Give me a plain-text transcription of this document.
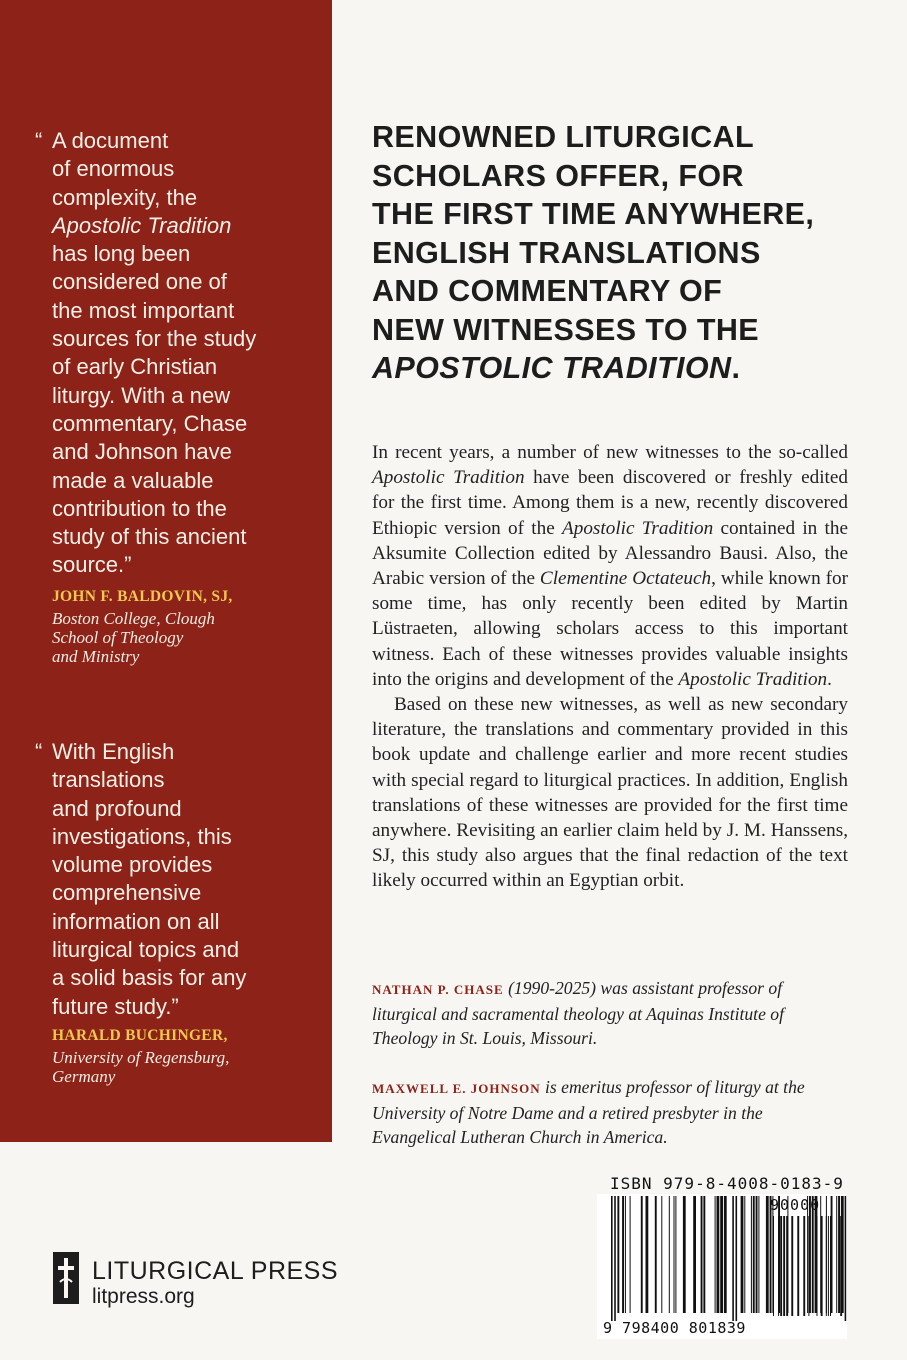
“ A document
of enormous
complexity, the
Apostolic Tradition
has long been
considered one of
the most important
sources for the study
of early Christian
liturgy. With a new
commentary, Chase
and Johnson have
made a valuable
contribution to the
study of this ancient
source.”
JOHN F. BALDOVIN, SJ,
Boston College, Clough
School of Theology
and Ministry
“ With English
translations
and profound
investigations, this
volume provides
comprehensive
information on all
liturgical topics and
a solid basis for any
future study.”
HARALD BUCHINGER,
University of Regensburg,
Germany
RENOWNED LITURGICAL
SCHOLARS OFFER, FOR
THE FIRST TIME ANYWHERE,
ENGLISH TRANSLATIONS
AND COMMENTARY OF
NEW WITNESSES TO THE
APOSTOLIC TRADITION.

In recent years, a number of new witnesses to the so-called Apostolic Tradition have been discovered or freshly edited for the first time. Among them is a new, recently discovered Ethiopic version of the Apostolic Tradition contained in the Aksumite Collection edited by Alessandro Bausi. Also, the Arabic version of the Clementine Octateuch, while known for some time, has only recently been edited by Martin Lüstraeten, allowing scholars access to this important witness. Each of these witnesses provides valuable insights into the origins and development of the Apostolic Tradition.

Based on these new witnesses, as well as new secondary literature, the translations and commentary provided in this book update and challenge earlier and more recent studies with special regard to liturgical practices. In addition, English translations of these witnesses are provided for the first time anywhere. Revisiting an earlier claim held by J. M. Hanssens, SJ, this study also argues that the final redaction of the text likely occurred within an Egyptian orbit.

NATHAN P. CHASE (1990-2025) was assistant professor of liturgical and sacramental theology at Aquinas Institute of Theology in St. Louis, Missouri.
MAXWELL E. JOHNSON is emeritus professor of liturgy at the University of Notre Dame and a retired presbyter in the Evangelical Lutheran Church in America.
LITURGICAL PRESS
litpress.org
ISBN 979-8-4008-0183-9
90000
9 798400 801839
